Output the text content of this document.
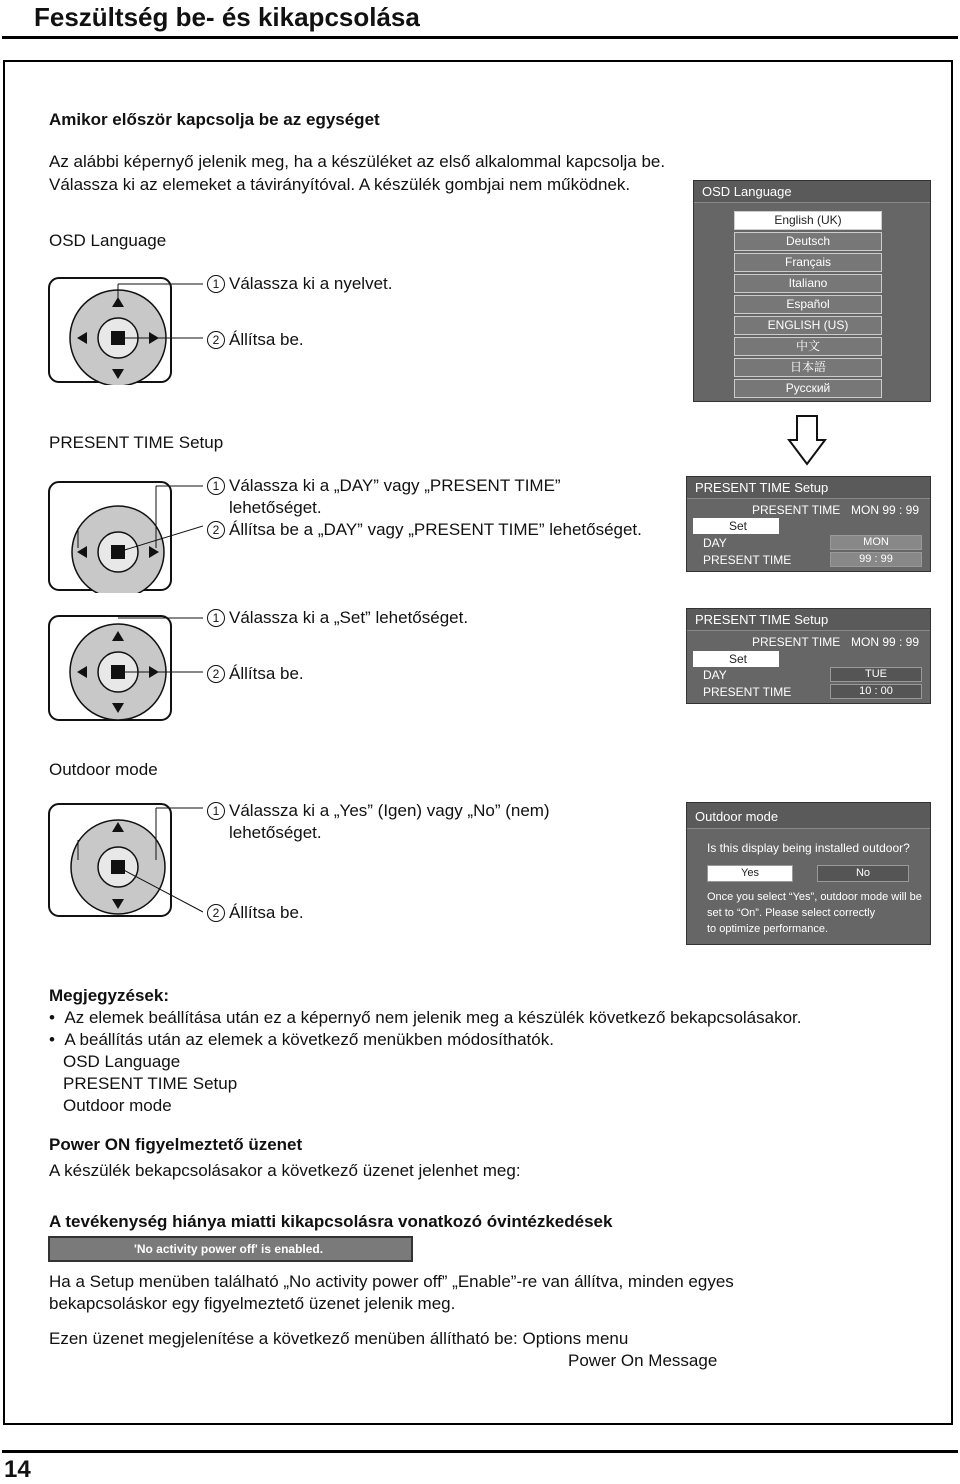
Feszültség be- és kikapcsolása
Amikor először kapcsolja be az egységet
Az alábbi képernyő jelenik meg, ha a készüléket az első alkalommal kapcsolja be.
Válassza ki az elemeket a távirányítóval. A készülék gombjai nem működnek.
OSD Language
1 Válassza ki a nyelvet.
2 Állítsa be.
OSD Language
English (UK)
Deutsch
Français
Italiano
Español
ENGLISH (US)
中文
日本語
Русский
PRESENT TIME Setup
1 Válassza ki a „DAY” vagy „PRESENT TIME”
lehetőséget.
2 Állítsa be a „DAY” vagy „PRESENT TIME” lehetőséget.
PRESENT TIME Setup
PRESENT TIME MON 99 : 99
Set
DAY	MON
PRESENT TIME	99 : 99
1 Válassza ki a „Set” lehetőséget.
2 Állítsa be.
PRESENT TIME Setup
PRESENT TIME MON 99 : 99
Set
DAY	TUE
PRESENT TIME	10 : 00
Outdoor mode
1 Válassza ki a „Yes” (Igen) vagy „No” (nem)
lehetőséget.
2 Állítsa be.
Outdoor mode
Is this display being installed outdoor?
Yes	No
Once you select “Yes”, outdoor mode will be
set to “On”. Please select correctly
to optimize performance.
Megjegyzések:
•  Az elemek beállítása után ez a képernyő nem jelenik meg a készülék következő bekapcsolásakor.
•  A beállítás után az elemek a következő menükben módosíthatók.
OSD Language
PRESENT TIME Setup
Outdoor mode
Power ON figyelmeztető üzenet
A készülék bekapcsolásakor a következő üzenet jelenhet meg:
A tevékenység hiánya miatti kikapcsolásra vonatkozó óvintézkedések
'No activity power off' is enabled.
Ha a Setup menüben található „No activity power off” „Enable”-re van állítva, minden egyes
bekapcsoláskor egy figyelmeztető üzenet jelenik meg.
Ezen üzenet megjelenítése a következő menüben állítható be: Options menu
Power On Message
14
